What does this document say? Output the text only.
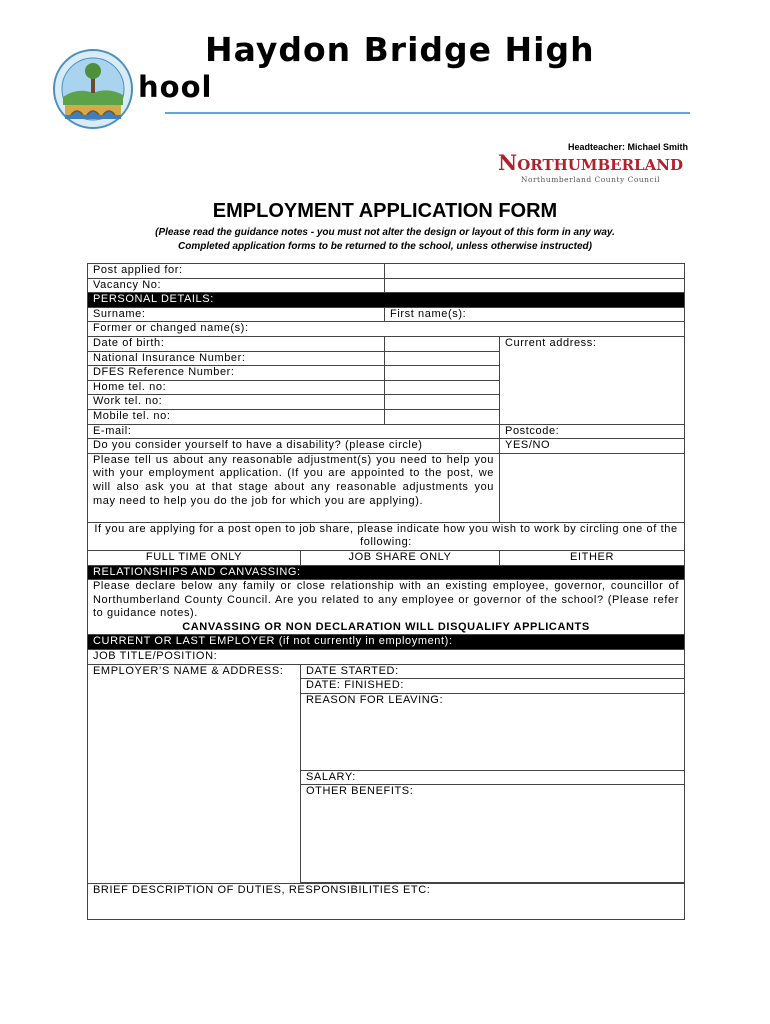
Haydon Bridge High
hool
Headteacher: Michael Smith
Northumberland
Northumberland County Council
EMPLOYMENT APPLICATION FORM
(Please read the guidance notes - you must not alter the design or layout of this form in any way.
Completed application forms to be returned to the school, unless otherwise instructed)
Post applied for:			
Vacancy No:			
PERSONAL DETAILS:			
Surname:		First name(s):	
Former or changed name(s):			
Date of birth:			Current address:
National Insurance Number:			
DFES Reference Number:			
Home tel. no:			
Work tel. no:			
Mobile tel. no:			
E-mail:			Postcode:
Do you consider yourself to have a disability? (please circle)			YES/NO
Please tell us about any reasonable adjustment(s) you need to help you with your employment application. (If you are appointed to the post, we will also ask you at that stage about any reasonable adjustments you may need to help you do the job for which you are applying).			
If you are applying for a post open to job share, please indicate how you wish to work by circling one of the following:			
FULL TIME ONLY	JOB SHARE ONLY		EITHER
RELATIONSHIPS AND CANVASSING:			

Please declare below any family or close relationship with an existing employee, governor, councillor of Northumberland County Council. Are you related to any employee or governor of the school? (Please refer to guidance notes).
CANVASSING OR NON DECLARATION WILL DISQUALIFY APPLICANTS			

CURRENT OR LAST EMPLOYER (if not currently in employment):			
JOB TITLE/POSITION:			
EMPLOYER’S NAME & ADDRESS:	DATE STARTED:		
	DATE: FINISHED:		
	REASON FOR LEAVING:		
	SALARY:		
	OTHER BENEFITS:		

BRIEF DESCRIPTION OF DUTIES, RESPONSIBILITIES ETC:			
